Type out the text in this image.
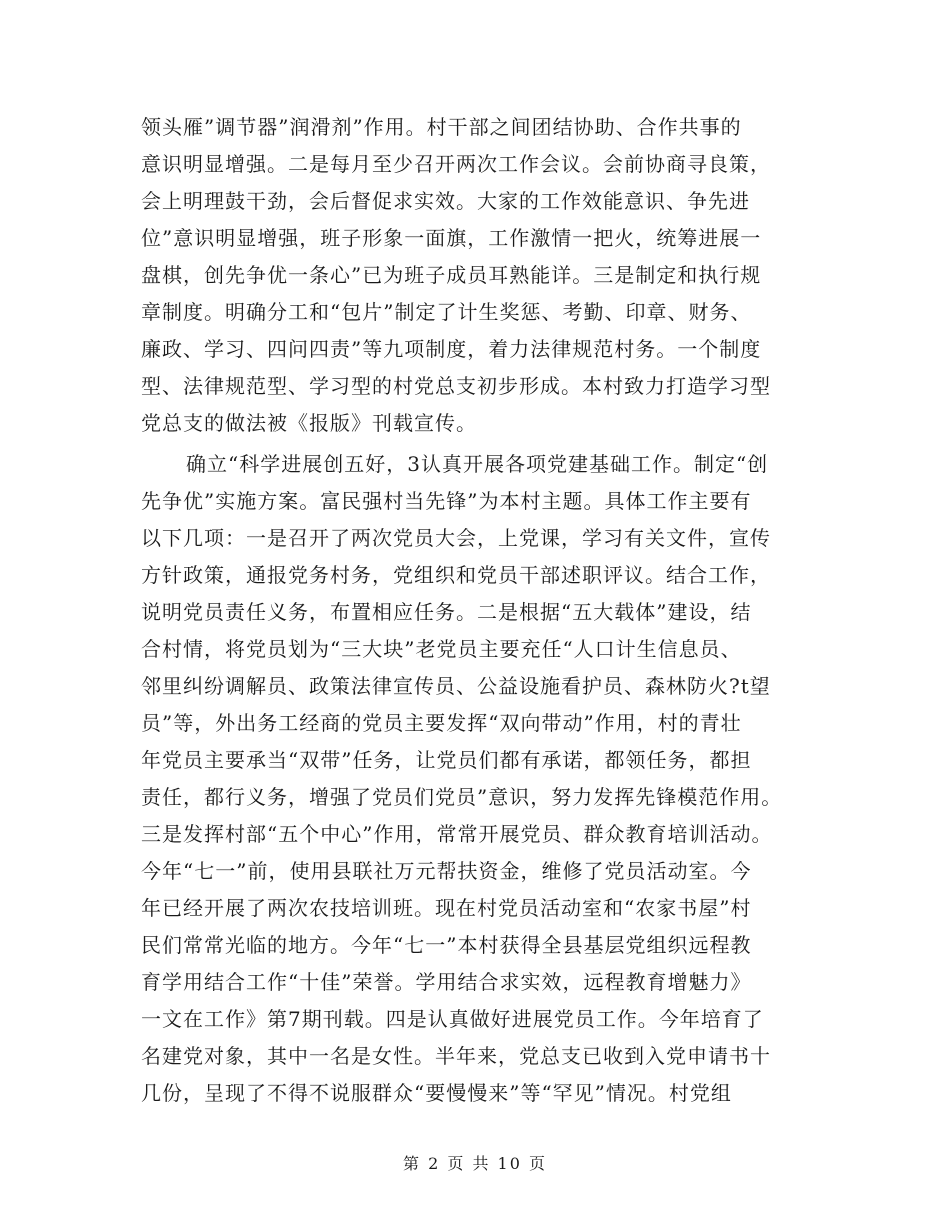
领头雁”调节器”润滑剂”作用。村干部之间团结协助、合作共事的
意识明显增强。二是每月至少召开两次工作会议。会前协商寻良策，
会上明理鼓干劲，会后督促求实效。大家的工作效能意识、争先进
位”意识明显增强，班子形象一面旗，工作激情一把火，统筹进展一
盘棋，创先争优一条心”已为班子成员耳熟能详。三是制定和执行规
章制度。明确分工和“包片”制定了计生奖惩、考勤、印章、财务、
廉政、学习、四问四责”等九项制度，着力法律规范村务。一个制度
型、法律规范型、学习型的村党总支初步形成。本村致力打造学习型
党总支的做法被《报版》刊载宣传。
确立“科学进展创五好，3认真开展各项党建基础工作。制定“创
先争优”实施方案。富民强村当先锋”为本村主题。具体工作主要有
以下几项：一是召开了两次党员大会，上党课，学习有关文件，宣传
方针政策，通报党务村务，党组织和党员干部述职评议。结合工作，
说明党员责任义务，布置相应任务。二是根据“五大载体”建设，结
合村情，将党员划为“三大块”老党员主要充任“人口计生信息员、
邻里纠纷调解员、政策法律宣传员、公益设施看护员、森林防火?t望
员”等，外出务工经商的党员主要发挥“双向带动”作用，村的青壮
年党员主要承当“双带”任务，让党员们都有承诺，都领任务，都担
责任，都行义务，增强了党员们党员”意识，努力发挥先锋模范作用。
三是发挥村部“五个中心”作用，常常开展党员、群众教育培训活动。
今年“七一”前，使用县联社万元帮扶资金，维修了党员活动室。今
年已经开展了两次农技培训班。现在村党员活动室和“农家书屋”村
民们常常光临的地方。今年“七一”本村获得全县基层党组织远程教
育学用结合工作“十佳”荣誉。学用结合求实效，远程教育增魅力》
一文在工作》第7期刊载。四是认真做好进展党员工作。今年培育了
名建党对象，其中一名是女性。半年来，党总支已收到入党申请书十
几份，呈现了不得不说服群众“要慢慢来”等“罕见”情况。村党组
第 2 页 共 10 页
